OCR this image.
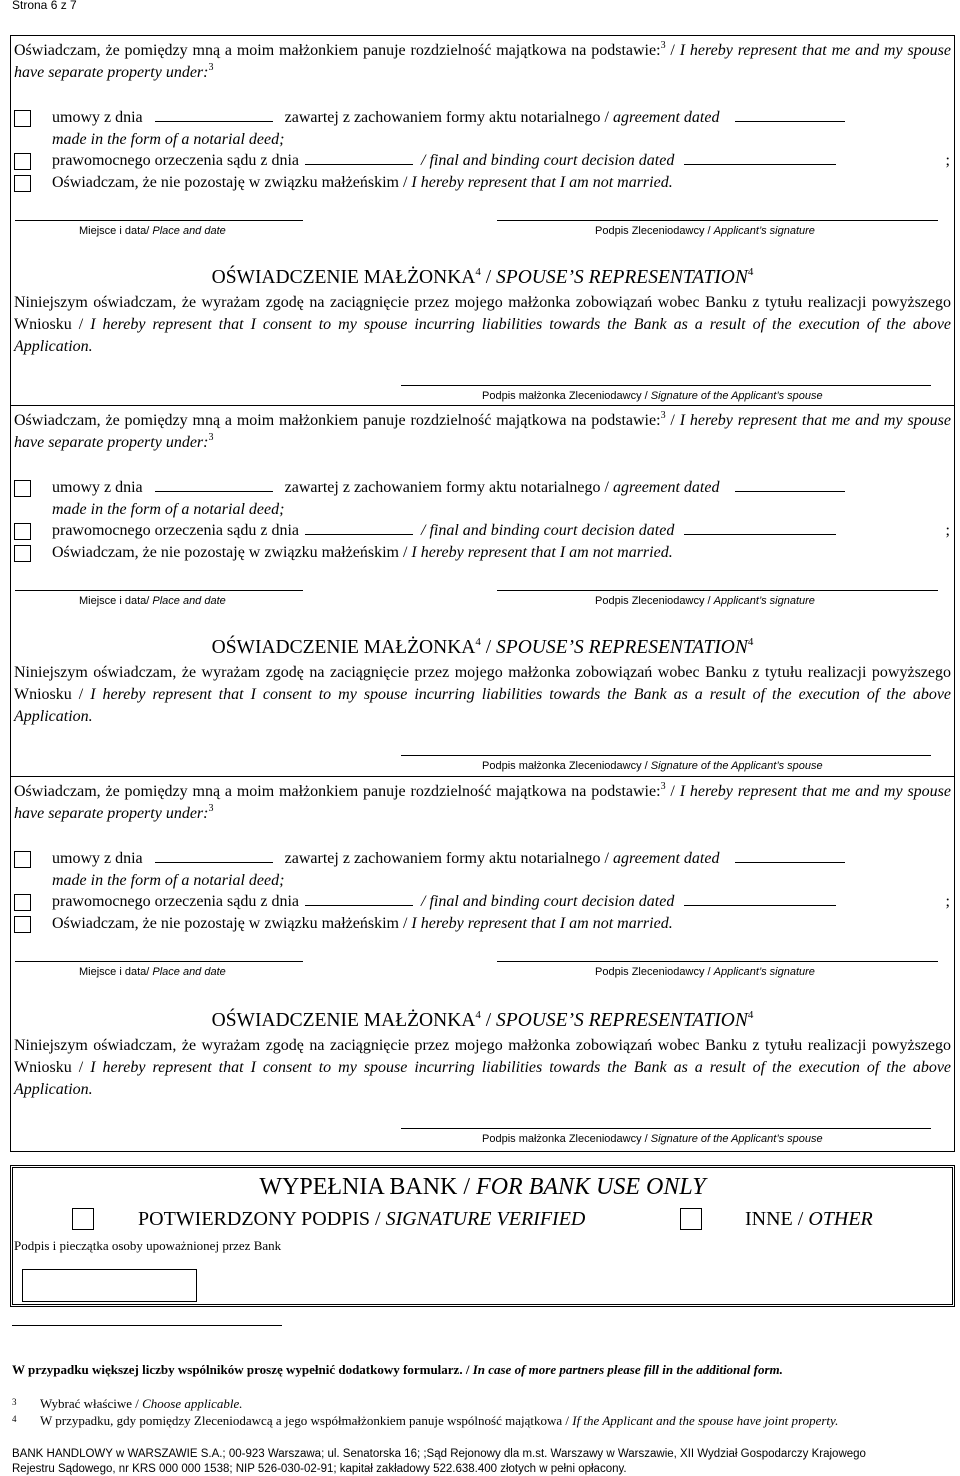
Strona 6 z 7
Oświadczam, że pomiędzy mną a moim małżonkiem panuje rozdzielność majątkowa na podstawie:$^3$ / I hereby represent that me and my spouse have separate property under:$^3$
umowy z dnia	zawartej z zachowaniem formy aktu notarialnego / agreement dated
made in the form of a notarial deed;
prawomocnego orzeczenia sądu z dnia	/ final and binding court decision dated	;
Oświadczam, że nie pozostaję w związku małżeńskim / I hereby represent that I am not married.
Miejsce i data/ Place and date	Podpis Zleceniodawcy / Applicant’s signature
OŚWIADCZENIE MAŁŻONKA$^4$ / SPOUSE’S REPRESENTATION$^4$
Niniejszym oświadczam, że wyrażam zgodę na zaciągnięcie przez mojego małżonka zobowiązań wobec Banku z tytułu realizacji powyższego Wniosku / I hereby represent that I consent to my spouse incurring liabilities towards the Bank as a result of the execution of the above Application.
Podpis małżonka Zleceniodawcy / Signature of the Applicant’s spouse
Oświadczam, że pomiędzy mną a moim małżonkiem panuje rozdzielność majątkowa na podstawie:$^3$ / I hereby represent that me and my spouse have separate property under:$^3$
umowy z dnia	zawartej z zachowaniem formy aktu notarialnego / agreement dated
made in the form of a notarial deed;
prawomocnego orzeczenia sądu z dnia	/ final and binding court decision dated	;
Oświadczam, że nie pozostaję w związku małżeńskim / I hereby represent that I am not married.
Miejsce i data/ Place and date	Podpis Zleceniodawcy / Applicant’s signature
OŚWIADCZENIE MAŁŻONKA$^4$ / SPOUSE’S REPRESENTATION$^4$
Niniejszym oświadczam, że wyrażam zgodę na zaciągnięcie przez mojego małżonka zobowiązań wobec Banku z tytułu realizacji powyższego Wniosku / I hereby represent that I consent to my spouse incurring liabilities towards the Bank as a result of the execution of the above Application.
Podpis małżonka Zleceniodawcy / Signature of the Applicant’s spouse
Oświadczam, że pomiędzy mną a moim małżonkiem panuje rozdzielność majątkowa na podstawie:$^3$ / I hereby represent that me and my spouse have separate property under:$^3$
umowy z dnia	zawartej z zachowaniem formy aktu notarialnego / agreement dated
made in the form of a notarial deed;
prawomocnego orzeczenia sądu z dnia	/ final and binding court decision dated	;
Oświadczam, że nie pozostaję w związku małżeńskim / I hereby represent that I am not married.
Miejsce i data/ Place and date	Podpis Zleceniodawcy / Applicant’s signature
OŚWIADCZENIE MAŁŻONKA$^4$ / SPOUSE’S REPRESENTATION$^4$
Niniejszym oświadczam, że wyrażam zgodę na zaciągnięcie przez mojego małżonka zobowiązań wobec Banku z tytułu realizacji powyższego Wniosku / I hereby represent that I consent to my spouse incurring liabilities towards the Bank as a result of the execution of the above Application.
Podpis małżonka Zleceniodawcy / Signature of the Applicant’s spouse
WYPEŁNIA BANK / FOR BANK USE ONLY
POTWIERDZONY PODPIS / SIGNATURE VERIFIED	INNE / OTHER
Podpis i pieczątka osoby upoważnionej przez Bank
W przypadku większej liczby wspólników proszę wypełnić dodatkowy formularz. / In case of more partners please fill in the additional form.
3 Wybrać właściwe / Choose applicable.
4 W przypadku, gdy pomiędzy Zleceniodawcą a jego współmałżonkiem panuje wspólność majątkowa / If the Applicant and the spouse have joint property.
BANK HANDLOWY w WARSZAWIE S.A.; 00-923 Warszawa; ul. Senatorska 16; ;Sąd Rejonowy dla m.st. Warszawy w Warszawie, XII Wydział Gospodarczy Krajowego
Rejestru Sądowego, nr KRS 000 000 1538; NIP 526-030-02-91; kapitał zakładowy 522.638.400 złotych w pełni opłacony.
